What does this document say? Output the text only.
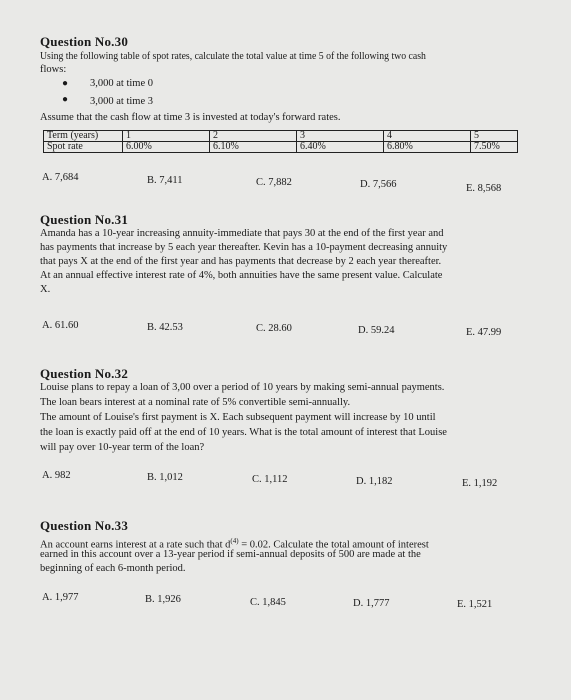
Question No.30
Using the following table of spot rates, calculate the total value at time 5 of the following two cash
flows:
● 3,000 at time 0
● 3,000 at time 3
Assume that the cash flow at time 3 is invested at today's forward rates.
Term (years)	1	2	3	4	5
Spot rate	6.00%	6.10%	6.40%	6.80%	7.50%
A. 7,684	B. 7,411	C. 7,882	D. 7,566	E. 8,568
Question No.31
Amanda has a 10-year increasing annuity-immediate that pays 30 at the end of the first year and
has payments that increase by 5 each year thereafter. Kevin has a 10-payment decreasing annuity
that pays X at the end of the first year and has payments that decrease by 2 each year thereafter.
At an annual effective interest rate of 4%, both annuities have the same present value. Calculate
X.
A. 61.60	B. 42.53	C. 28.60	D. 59.24	E. 47.99
Question No.32
Louise plans to repay a loan of 3,00 over a period of 10 years by making semi-annual payments.
The loan bears interest at a nominal rate of 5% convertible semi-annually.
The amount of Louise's first payment is X. Each subsequent payment will increase by 10 until
the loan is exactly paid off at the end of 10 years. What is the total amount of interest that Louise
will pay over 10-year term of the loan?
A. 982	B. 1,012	C. 1,112	D. 1,182	E. 1,192
Question No.33
An account earns interest at a rate such that $d^{(4)} = 0.02$. Calculate the total amount of interest
earned in this account over a 13-year period if semi-annual deposits of 500 are made at the
beginning of each 6-month period.
A. 1,977	B. 1,926	C. 1,845	D. 1,777	E. 1,521
